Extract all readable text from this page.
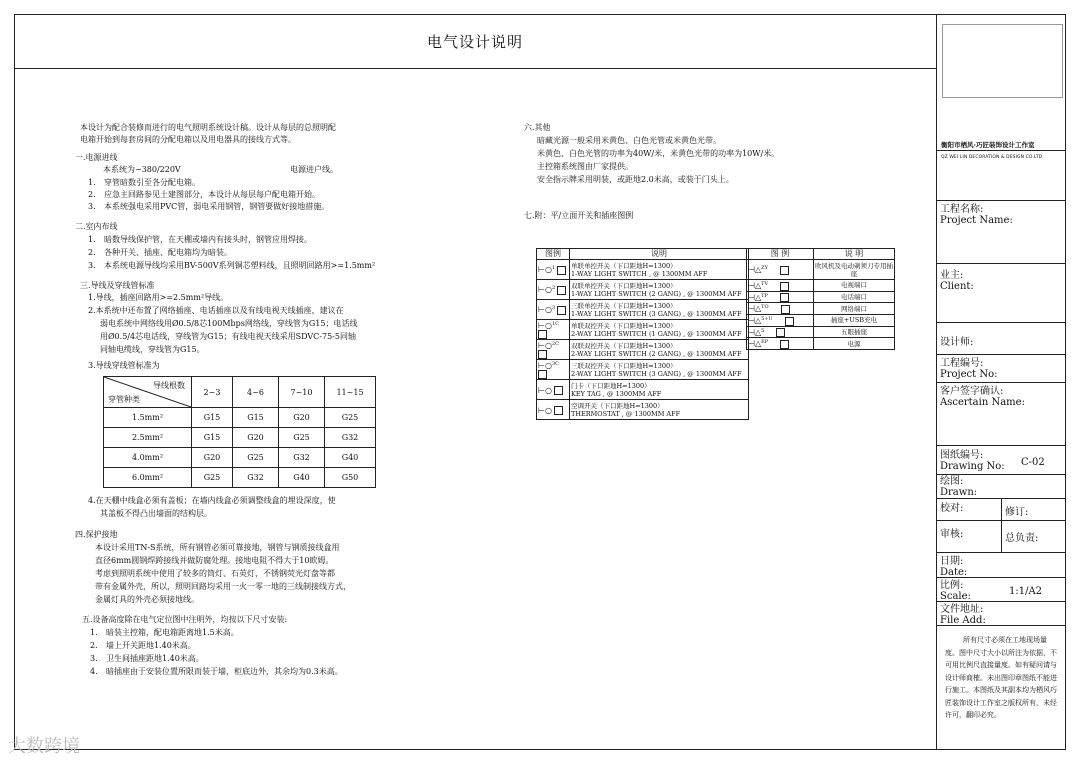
电气设计说明
本设计为配合装修而进行的电气照明系统设计稿。设计从每层的总照明配
电箱开始到每套房间的分配电箱以及用电器具的接线方式等。
一.电源进线
本系统为~380/220V	电源进户线。
1. 穿管暗数引至各分配电箱。
2. 应急主回路参见土建图部分，本设计从每层每户配电箱开始。
3. 本系统强电采用PVC管，弱电采用钢管，钢管要做好接地措施。
二.室内布线
1. 暗数导线保护管，在天棚或墙内有接头时，钢管应用焊接。
2. 各种开关、插座、配电箱均为暗装。
3. 本系统电源导线均采用BV-500V系列铜芯塑料线，且照明回路用>=1.5mm²
三.导线及穿线管标准
1.导线，插座回路用>=2.5mm²导线。
2.本系统中还布置了网络插座、电话插座以及有线电视天线插座，建议在
弱电系统中网络线用Ø0.5/8芯100Mbps网络线，穿线管为G15；电话线
用Ø0.5/4芯电话线，穿线管为G15；有线电视天线采用SDVC-75-5同轴
同轴电缆线，穿线管为G15。
3.导线穿线管标准为
导线根数
穿管种类	2~3	4~6	7~10	11~15
1.5mm²	G15	G15	G20	G25
2.5mm²	G15	G20	G25	G32
4.0mm²	G20	G25	G32	G40
6.0mm²	G25	G32	G40	G50
4.在天棚中线盒必须有盖板；在墙内线盒必须调整线盒的埋设深度，使
其盖板不得凸出墙面的结构层。
四.保护接地
本设计采用TN-S系统，所有钢管必须可靠接地，钢管与钢质接线盒用
直径6mm圆钢焊跨接线并做防腐处理。接地电阻不得大于10欧姆。
考虑到照明系统中使用了较多的筒灯、石英灯，不锈钢荧光灯盘等都
带有金属外壳，所以，照明回路均采用一火一零一地的三线制接线方式，
金属灯具的外壳必须接地线。
五.设备高度除在电气定位图中注明外，均按以下尺寸安装:
1. 暗装主控箱，配电箱距离地1.5米高。
2. 墙上开关距地1.40米高。
3. 卫生间插座距地1.40米高。
4. 暗插座由于安装位置所限而装于墙，柜底边外，其余均为0.3米高。
六.其他
暗藏光源一般采用米黄色、白色光管或米黄色光带。
米黄色、白色光管的功率为40W/米，米黄色光带的功率为10W/米。
主控箱系统图由厂家提供。
安全指示牌采用明装，或距地2.0米高，或装于门头上。
七.附：平/立面开关和插座图例
图例	说明
⊢○$^1$	单联单控开关（下口距地H=1300）
1-WAY LIGHT SWITCH , @ 1300MM AFF

⊢○$^2$	双联单控开关（下口距地H=1300）
1-WAY LIGHT SWITCH (2 GANG) , @ 1300MM AFF

⊢○$^3$	三联单控开关（下口距地H=1300）
1-WAY LIGHT SWITCH (3 GANG) , @ 1300MM AFF

⊢○$^{1C}$	单联双控开关（下口距地H=1300）
2-WAY LIGHT SWITCH (1 GANG) , @ 1300MM AFF

⊢○$^{2C}$	双联双控开关（下口距地H=1300）
2-WAY LIGHT SWITCH (2 GANG) , @ 1300MM AFF

⊢○$^{3C}$	三联双控开关（下口距地H=1300）
2-WAY LIGHT SWITCH (3 GANG) , @ 1300MM AFF

⊢○	门卡（下口距地H=1300）
KEY TAG , @ 1300MM AFF

⊢○	空调开关（下口距地H=1300）
THERMOSTAT , @ 1300MM AFF
图 例	说 明
⊣△$^{ZY}$	吹风机及电动剃须刀专用插座
⊣△$^{TV}$	电视端口
⊣△$^{TP}$	电话端口
⊣△$^{TO}$	网络端口
⊣△$^{5+U}$	插座+USB充电
⊣△$^5$	五眼插座
⊣△$^{EP}$	电源
衡阳市栖风·巧匠装饰设计工作室
QZ WEI LIN DECORATION & DESIGN CO.LTD
工程名称:
Project Name:
业主:
Client:
设计师:
工程编号:
Project No:
客户签字确认:
Ascertain Name:
图纸编号:
Drawing No: C-02
绘图:
Drawn:
校对:	修订:
审核:	总负责:
日期:
Date:
比例:
Scale:	1:1/A2
文件地址:
File Add:
所有尺寸必须在工地现场量度。图中尺寸大小以所注为依据，不可用比例尺直接量度。如有疑问请与设计师商榷。未出图印章图纸不能进行施工。本图纸及其副本均为栖风巧匠装饰设计工作室之版权所有，未经许可，翻印必究。
大数跨境
